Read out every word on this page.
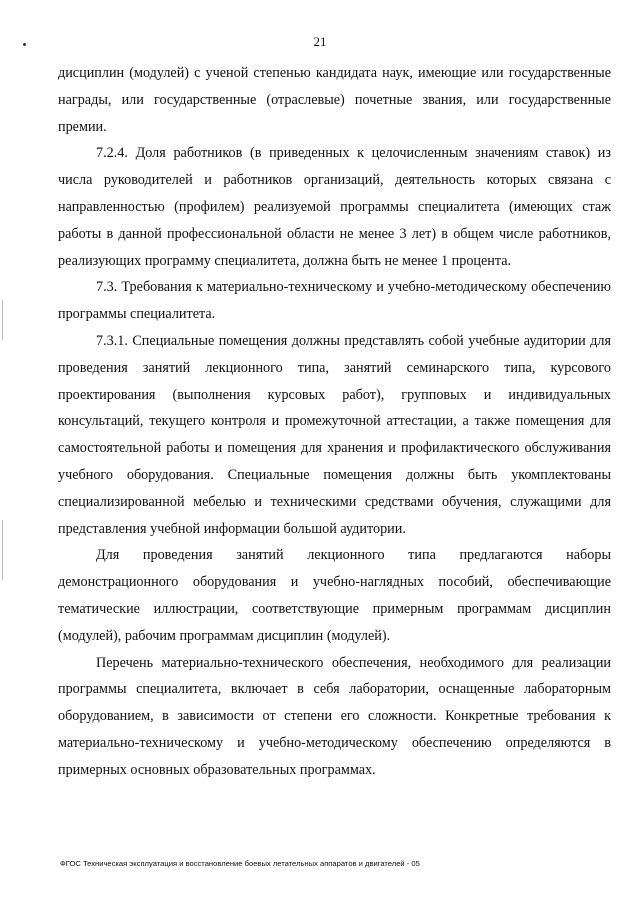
21

дисциплин (модулей) с ученой степенью кандидата наук, имеющие или государственные награды, или государственные (отраслевые) почетные звания, или государственные премии.

7.2.4. Доля работников (в приведенных к целочисленным значениям ставок) из числа руководителей и работников организаций, деятельность которых связана с направленностью (профилем) реализуемой программы специалитета (имеющих стаж работы в данной профессиональной области не менее 3 лет) в общем числе работников, реализующих программу специалитета, должна быть не менее 1 процента.

7.3. Требования к материально-техническому и учебно-методическому обеспечению программы специалитета.

7.3.1. Специальные помещения должны представлять собой учебные аудитории для проведения занятий лекционного типа, занятий семинарского типа, курсового проектирования (выполнения курсовых работ), групповых и индивидуальных консультаций, текущего контроля и промежуточной аттестации, а также помещения для самостоятельной работы и помещения для хранения и профилактического обслуживания учебного оборудования. Специальные помещения должны быть укомплектованы специализированной мебелью и техническими средствами обучения, служащими для представления учебной информации большой аудитории.

Для проведения занятий лекционного типа предлагаются наборы демонстрационного оборудования и учебно-наглядных пособий, обеспечивающие тематические иллюстрации, соответствующие примерным программам дисциплин (модулей), рабочим программам дисциплин (модулей).

Перечень материально-технического обеспечения, необходимого для реализации программы специалитета, включает в себя лаборатории, оснащенные лабораторным оборудованием, в зависимости от степени его сложности. Конкретные требования к материально-техническому и учебно-методическому обеспечению определяются в примерных основных образовательных программах.

ФГОС Техническая эксплуатация и восстановление боевых летательных аппаратов и двигателей - 05
